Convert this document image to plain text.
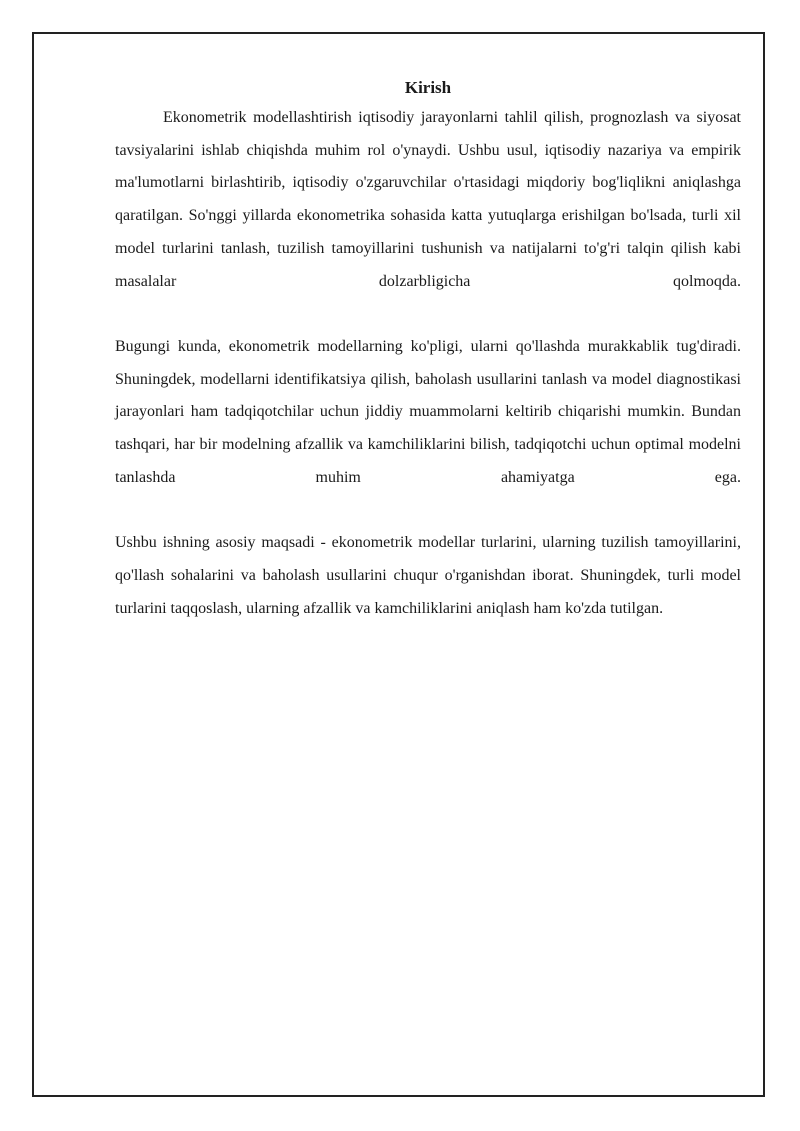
Kirish

Ekonometrik modellashtirish iqtisodiy jarayonlarni tahlil qilish, prognozlash va siyosat tavsiyalarini ishlab chiqishda muhim rol o'ynaydi. Ushbu usul, iqtisodiy nazariya va empirik ma'lumotlarni birlashtirib, iqtisodiy o'zgaruvchilar o'rtasidagi miqdoriy bog'liqlikni aniqlashga qaratilgan. So'nggi yillarda ekonometrika sohasida katta yutuqlarga erishilgan bo'lsada, turli xil model turlarini tanlash, tuzilish tamoyillarini tushunish va natijalarni to'g'ri talqin qilish kabi masalalar dolzarbligicha qolmoqda.

Bugungi kunda, ekonometrik modellarning ko'pligi, ularni qo'llashda murakkablik tug'diradi. Shuningdek, modellarni identifikatsiya qilish, baholash usullarini tanlash va model diagnostikasi jarayonlari ham tadqiqotchilar uchun jiddiy muammolarni keltirib chiqarishi mumkin. Bundan tashqari, har bir modelning afzallik va kamchiliklarini bilish, tadqiqotchi uchun optimal modelni tanlashda muhim ahamiyatga ega.

Ushbu ishning asosiy maqsadi - ekonometrik modellar turlarini, ularning tuzilish tamoyillarini, qo'llash sohalarini va baholash usullarini chuqur o'rganishdan iborat. Shuningdek, turli model turlarini taqqoslash, ularning afzallik va kamchiliklarini aniqlash ham ko'zda tutilgan.
